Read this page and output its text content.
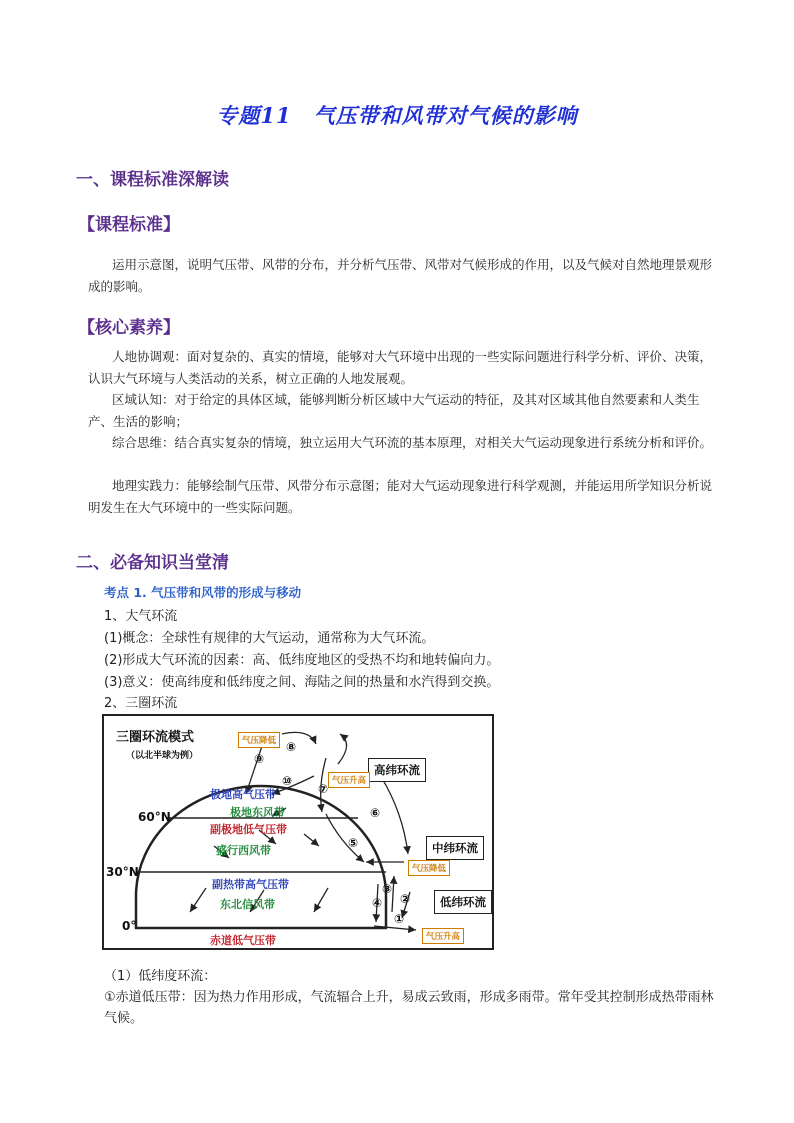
专题11　气压带和风带对气候的影响
一、课程标准深解读
【课程标准】
运用示意图，说明气压带、风带的分布，并分析气压带、风带对气候形成的作用，以及气候对自然地理景观形成的影响。
【核心素养】
人地协调观：面对复杂的、真实的情境，能够对大气环境中出现的一些实际问题进行科学分析、评价、决策，认识大气环境与人类活动的关系，树立正确的人地发展观。
区域认知：对于给定的具体区域，能够判断分析区域中大气运动的特征，及其对区域其他自然要素和人类生产、生活的影响；
综合思维：结合真实复杂的情境，独立运用大气环流的基本原理，对相关大气运动现象进行系统分析和评价。
地理实践力：能够绘制气压带、风带分布示意图；能对大气运动现象进行科学观测，并能运用所学知识分析说明发生在大气环境中的一些实际问题。
二、必备知识当堂清
考点 1. 气压带和风带的形成与移动
1、大气环流
(1)概念：全球性有规律的大气运动，通常称为大气环流。
(2)形成大气环流的因素：高、低纬度地区的受热不均和地转偏向力。
(3)意义：使高纬度和低纬度之间、海陆之间的热量和水汽得到交换。
2、三圈环流
三圈环流模式
（以北半球为例）
60°N
30°N
0°
极地高气压带
极地东风带
副极地低气压带
盛行西风带
副热带高气压带
东北信风带
赤道低气压带
高纬环流
中纬环流
低纬环流
气压降低
气压升高
气压降低
气压升高
①
②
③
④
⑤
⑥
⑦
⑧
⑨
⑩
（1）低纬度环流：
①赤道低压带：因为热力作用形成，气流辐合上升，易成云致雨，形成多雨带。常年受其控制形成热带雨林气候。
